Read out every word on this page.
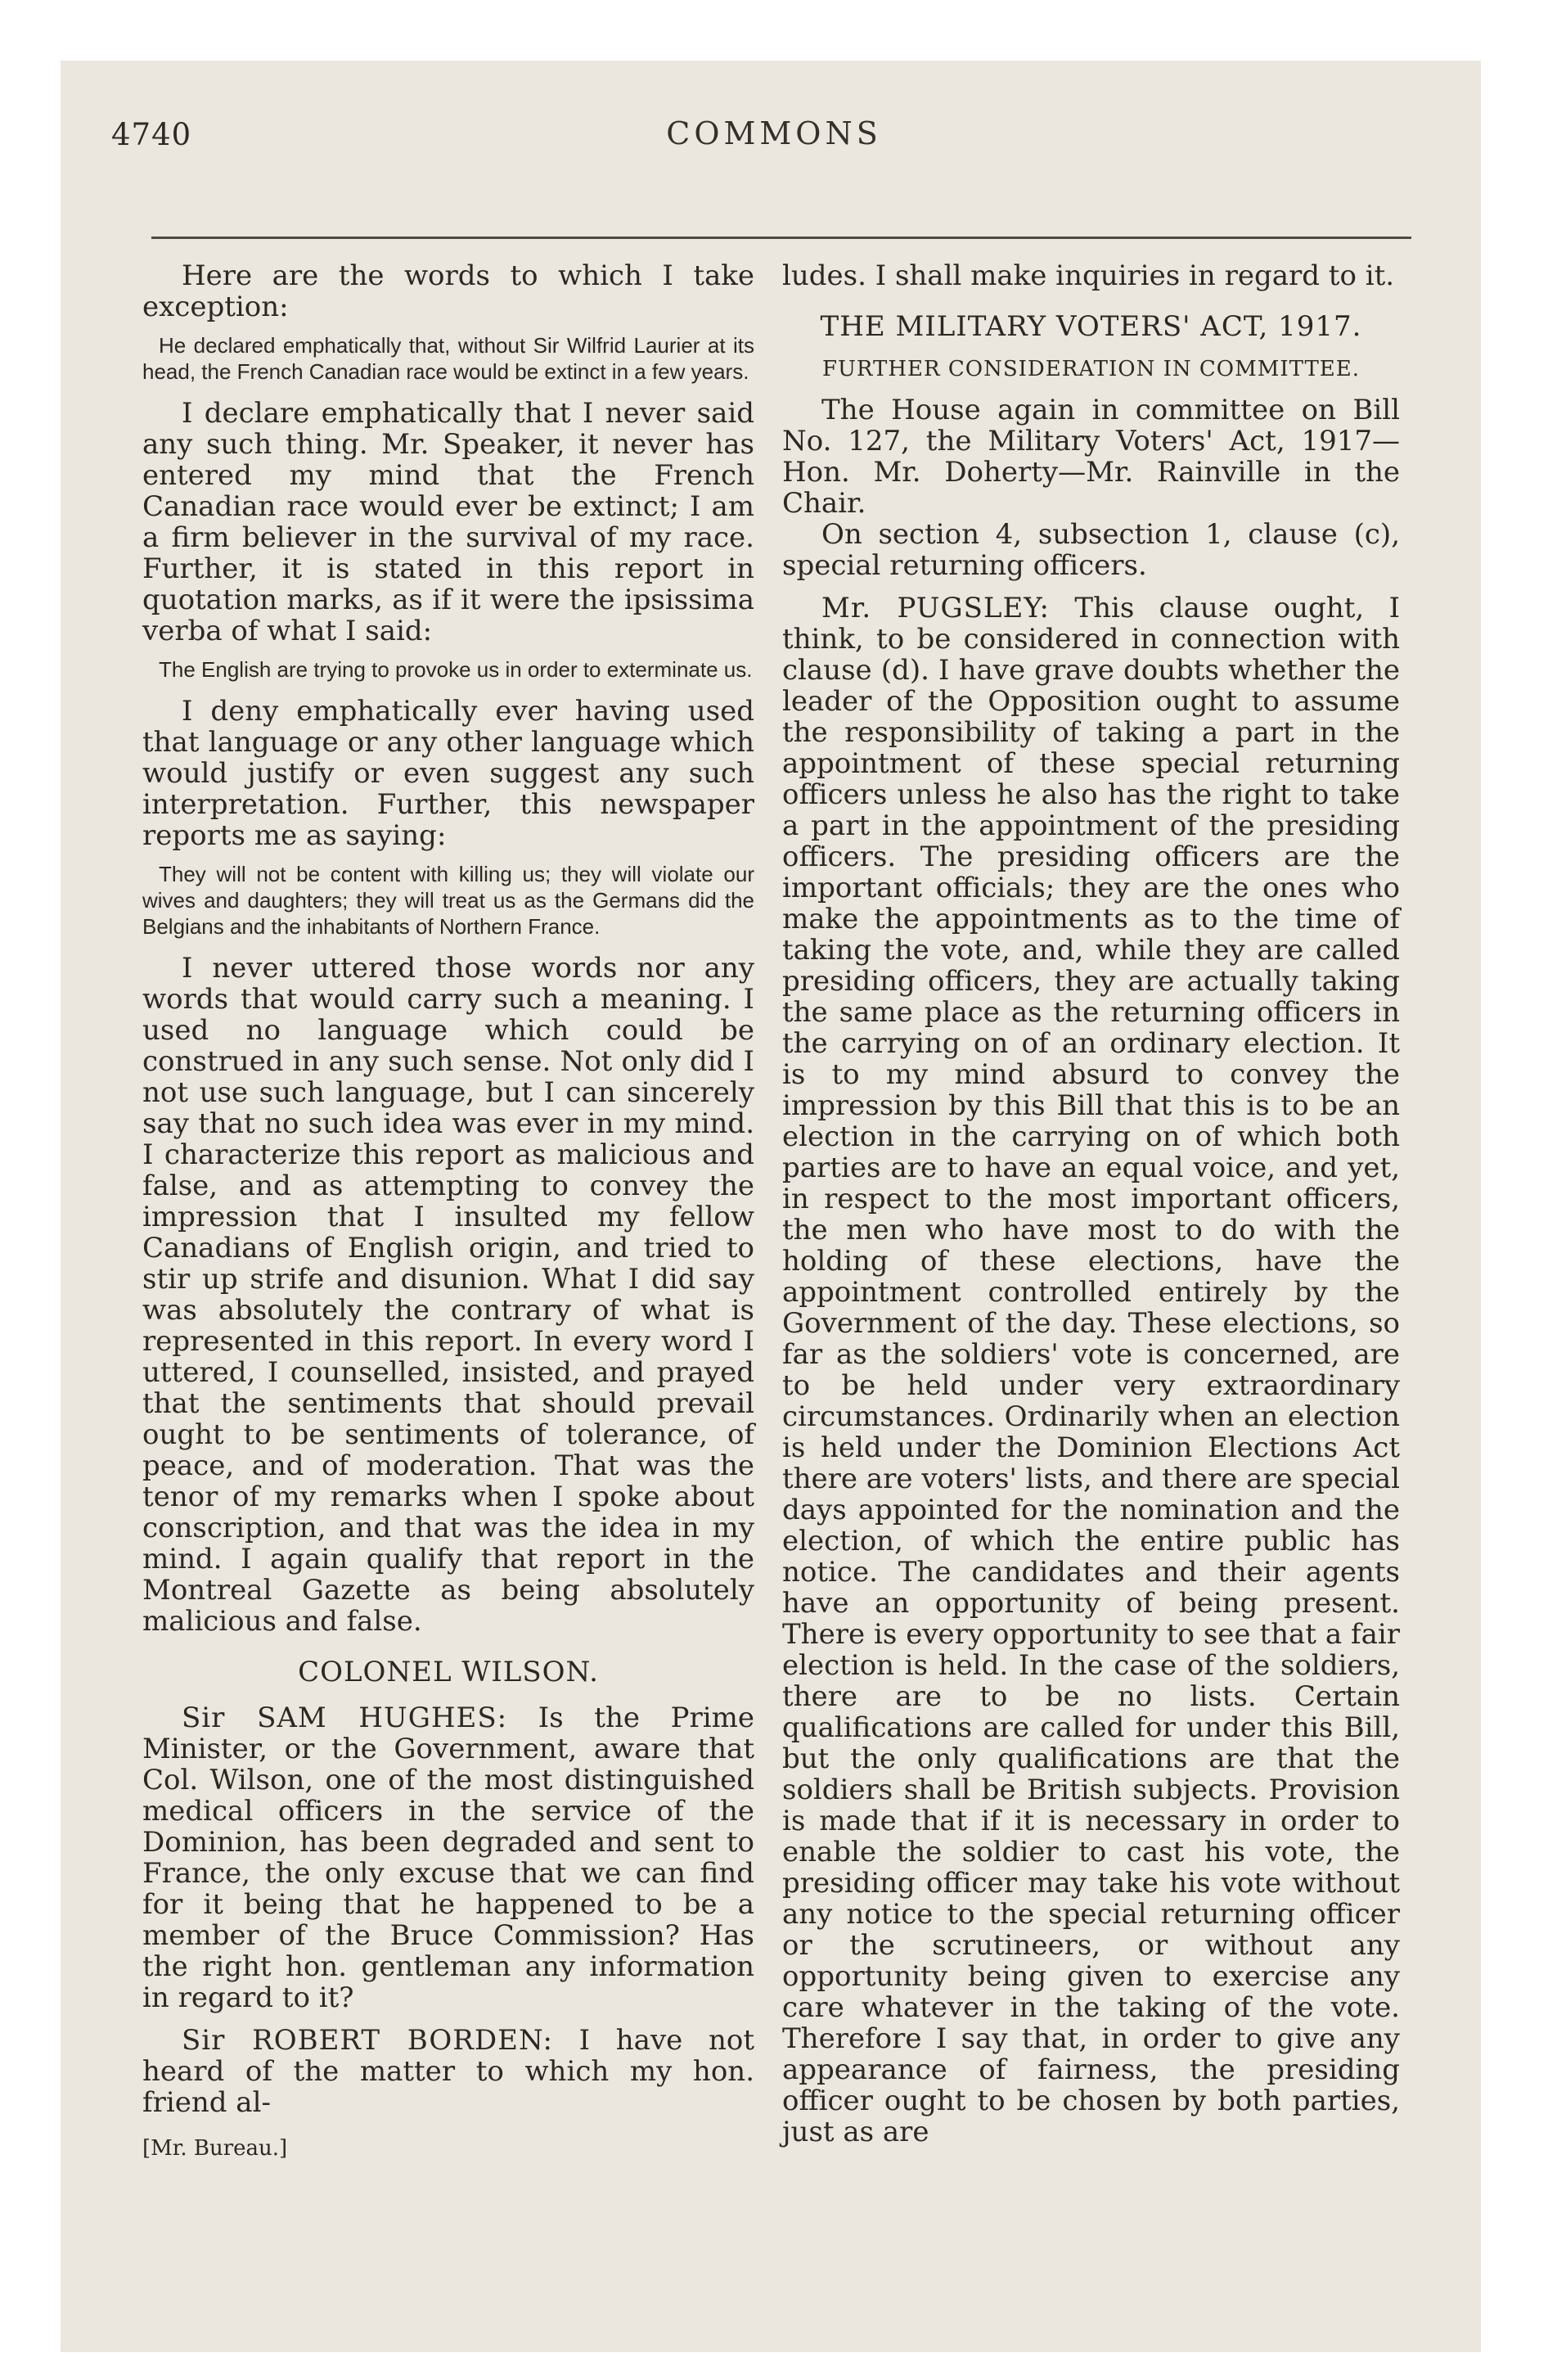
4740	COMMONS

Here are the words to which I take exception:

He declared emphatically that, without Sir Wilfrid Laurier at its head, the French Canadian race would be extinct in a few years.

I declare emphatically that I never said any such thing. Mr. Speaker, it never has entered my mind that the French Canadian race would ever be extinct; I am a firm believer in the survival of my race. Further, it is stated in this report in quotation marks, as if it were the ipsissima verba of what I said:

The English are trying to provoke us in order to exterminate us.

I deny emphatically ever having used that language or any other language which would justify or even suggest any such interpretation. Further, this newspaper reports me as saying:

They will not be content with killing us; they will violate our wives and daughters; they will treat us as the Germans did the Belgians and the inhabitants of Northern France.

I never uttered those words nor any words that would carry such a meaning. I used no language which could be construed in any such sense. Not only did I not use such language, but I can sincerely say that no such idea was ever in my mind. I characterize this report as malicious and false, and as attempting to convey the impression that I insulted my fellow Canadians of English origin, and tried to stir up strife and disunion. What I did say was absolutely the contrary of what is represented in this report. In every word I uttered, I counselled, insisted, and prayed that the sentiments that should prevail ought to be sentiments of tolerance, of peace, and of moderation. That was the tenor of my remarks when I spoke about conscription, and that was the idea in my mind. I again qualify that report in the Montreal Gazette as being absolutely malicious and false.

COLONEL WILSON.

Sir SAM HUGHES: Is the Prime Minister, or the Government, aware that Col. Wilson, one of the most distinguished medical officers in the service of the Dominion, has been degraded and sent to France, the only excuse that we can find for it being that he happened to be a member of the Bruce Commission? Has the right hon. gentleman any information in regard to it?

Sir ROBERT BORDEN: I have not heard of the matter to which my hon. friend al-

[Mr. Bureau.]

ludes. I shall make inquiries in regard to it.

THE MILITARY VOTERS' ACT, 1917.

FURTHER CONSIDERATION IN COMMITTEE.

The House again in committee on Bill No. 127, the Military Voters' Act, 1917—Hon. Mr. Doherty—Mr. Rainville in the Chair.

On section 4, subsection 1, clause (c), special returning officers.

Mr. PUGSLEY: This clause ought, I think, to be considered in connection with clause (d). I have grave doubts whether the leader of the Opposition ought to assume the responsibility of taking a part in the appointment of these special returning officers unless he also has the right to take a part in the appointment of the presiding officers. The presiding officers are the important officials; they are the ones who make the appointments as to the time of taking the vote, and, while they are called presiding officers, they are actually taking the same place as the returning officers in the carrying on of an ordinary election. It is to my mind absurd to convey the impression by this Bill that this is to be an election in the carrying on of which both parties are to have an equal voice, and yet, in respect to the most important officers, the men who have most to do with the holding of these elections, have the appointment controlled entirely by the Government of the day. These elections, so far as the soldiers' vote is concerned, are to be held under very extraordinary circumstances. Ordinarily when an election is held under the Dominion Elections Act there are voters' lists, and there are special days appointed for the nomination and the election, of which the entire public has notice. The candidates and their agents have an opportunity of being present. There is every opportunity to see that a fair election is held. In the case of the soldiers, there are to be no lists. Certain qualifications are called for under this Bill, but the only qualifications are that the soldiers shall be British subjects. Provision is made that if it is necessary in order to enable the soldier to cast his vote, the presiding officer may take his vote without any notice to the special returning officer or the scrutineers, or without any opportunity being given to exercise any care whatever in the taking of the vote. Therefore I say that, in order to give any appearance of fairness, the presiding officer ought to be chosen by both parties, just as are
